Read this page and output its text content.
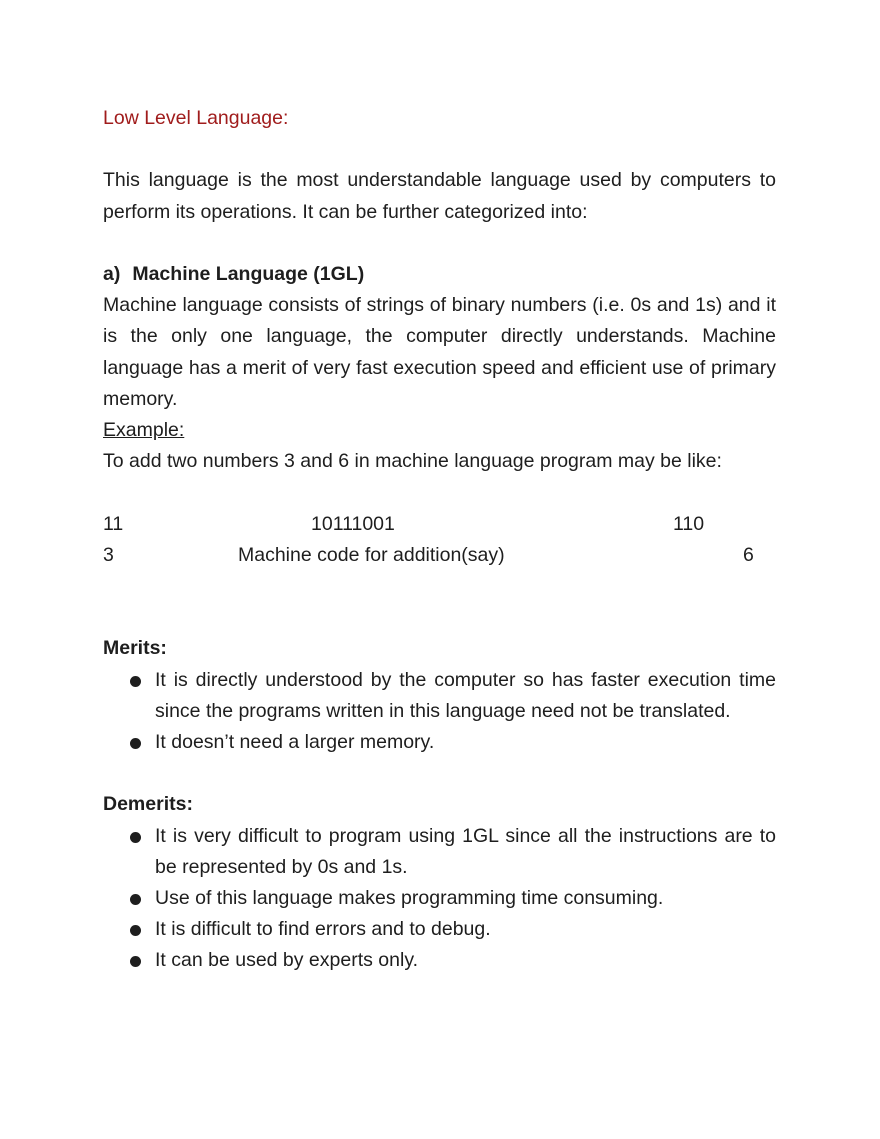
Low Level Language:

This language is the most understandable language used by computers to perform its operations. It can be further categorized into:

a) Machine Language (1GL)

Machine language consists of strings of binary numbers (i.e. 0s and 1s) and it is the only one language, the computer directly understands. Machine language has a merit of very fast execution speed and efficient use of primary memory.

Example:

To add two numbers 3 and 6 in machine language program may be like:

11	10111001	110
3	Machine code for addition(say)	6

Merits:

It is directly understood by the computer so has faster execution time since the programs written in this language need not be translated.
It doesn’t need a larger memory.

Demerits:

It is very difficult to program using 1GL since all the instructions are to be represented by 0s and 1s.
Use of this language makes programming time consuming.
It is difficult to find errors and to debug.
It can be used by experts only.
